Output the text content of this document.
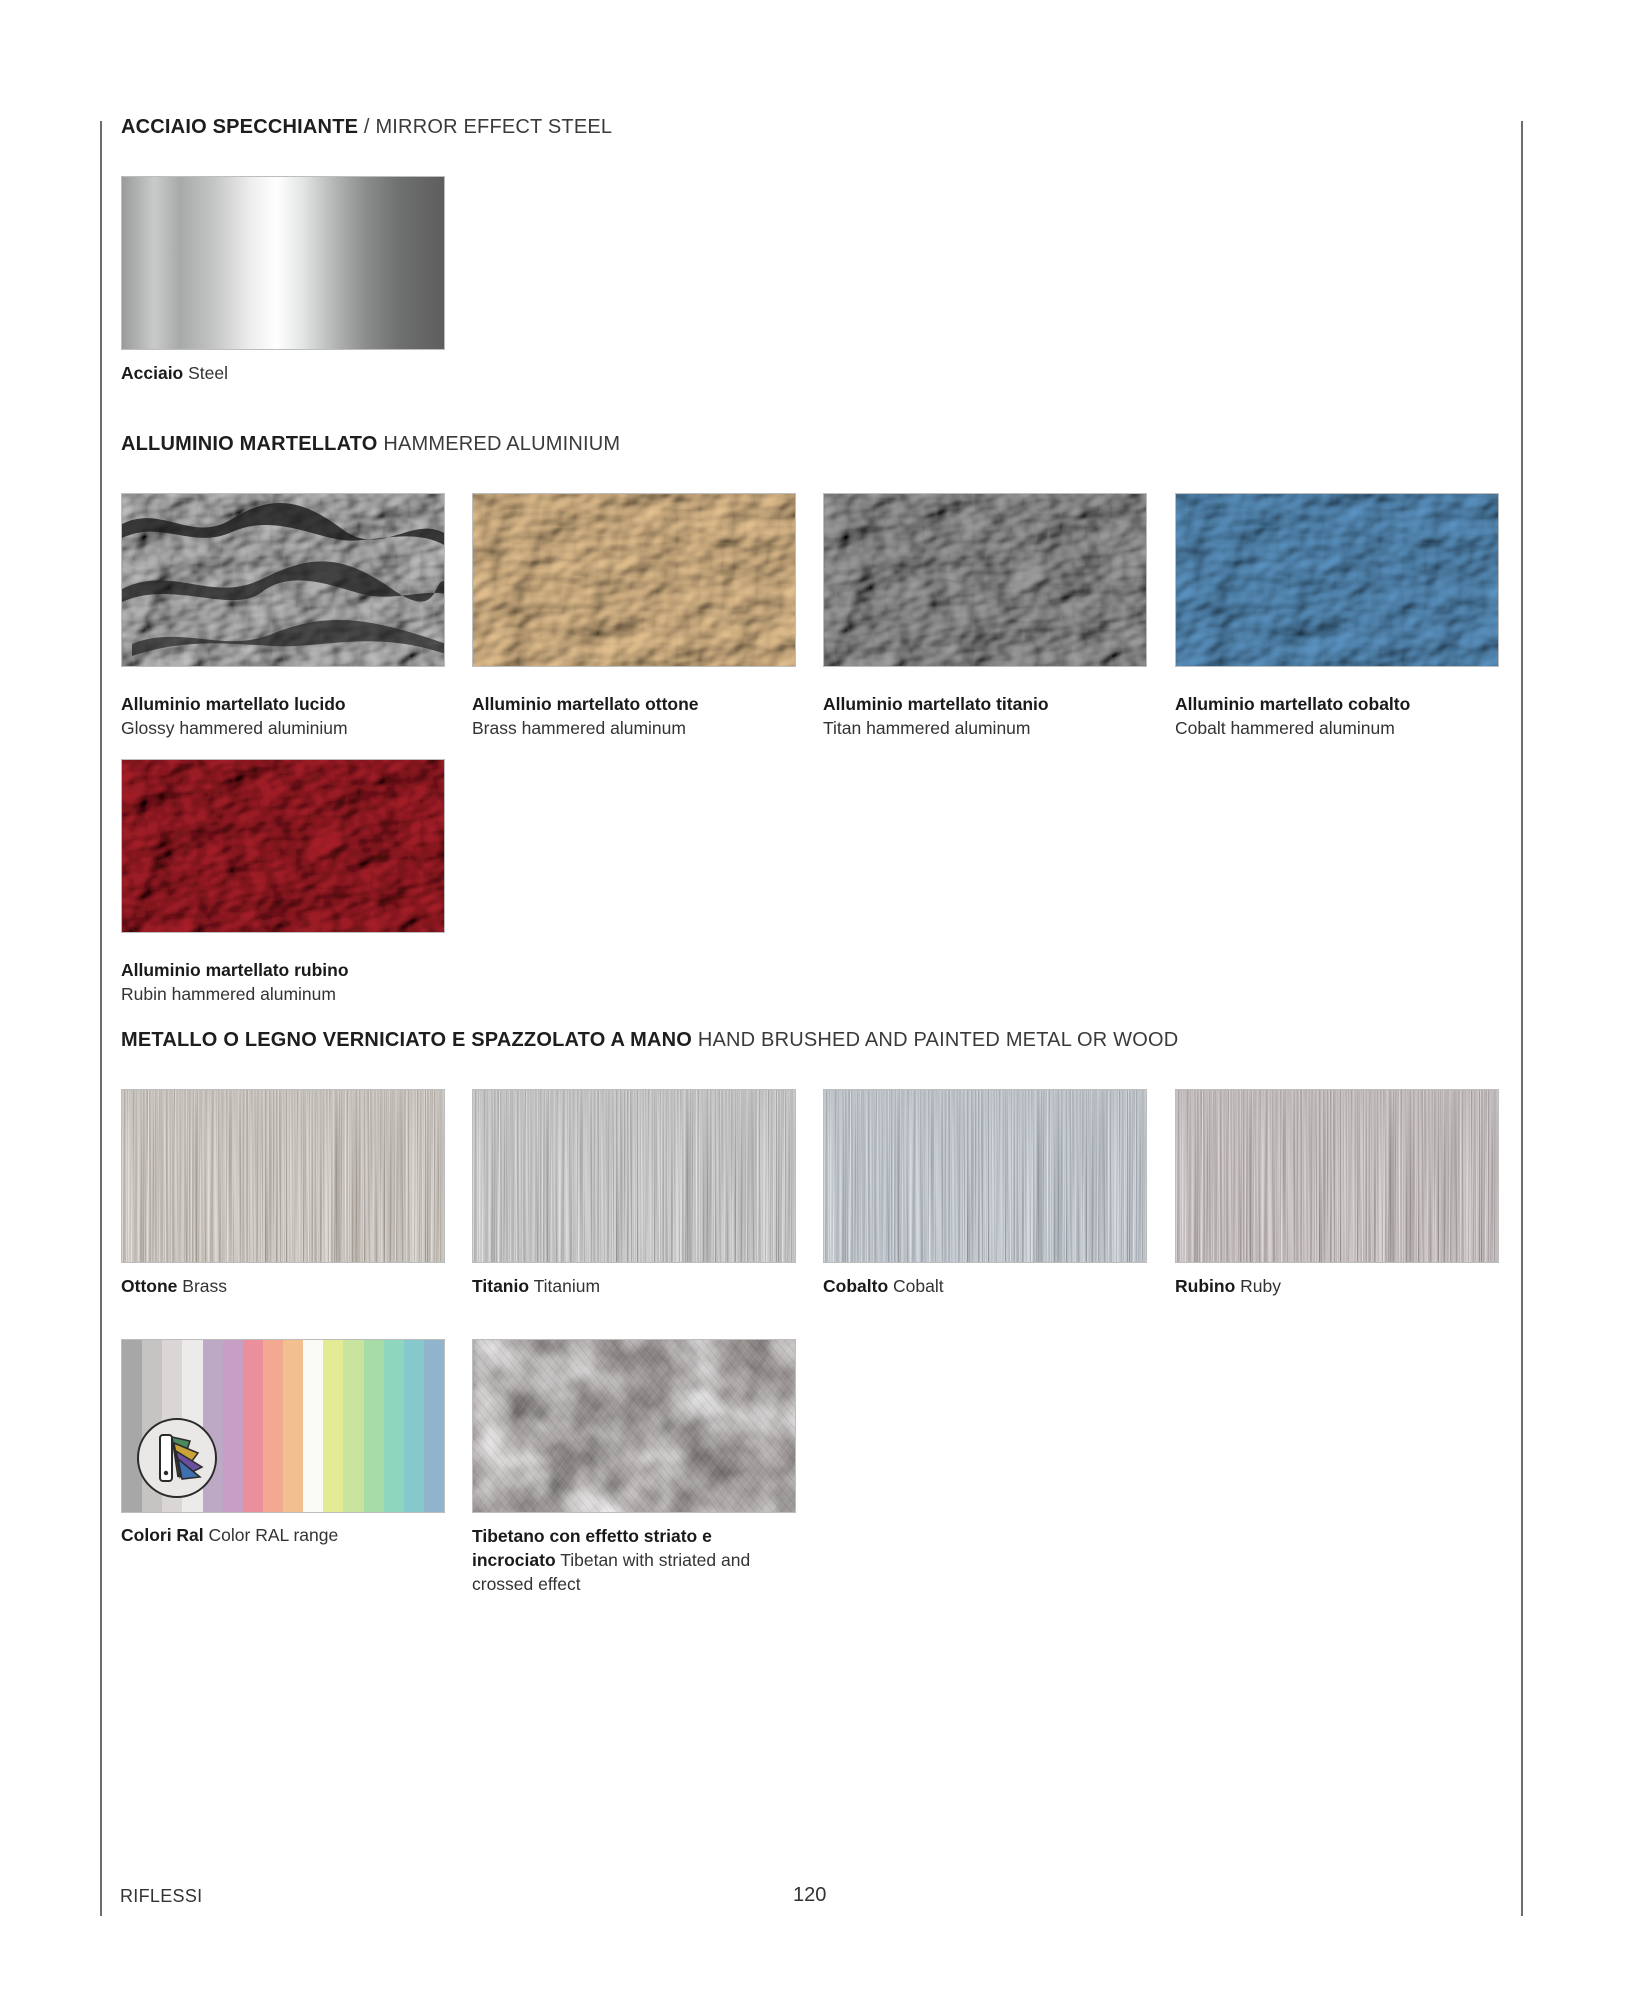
ACCIAIO SPECCHIANTE / MIRROR EFFECT STEEL
Acciaio Steel
ALLUMINIO MARTELLATO HAMMERED ALUMINIUM
Alluminio martellato lucido
Glossy hammered aluminium
Alluminio martellato ottone
Brass hammered aluminum
Alluminio martellato titanio
Titan hammered aluminum
Alluminio martellato cobalto
Cobalt hammered aluminum
Alluminio martellato rubino
Rubin hammered aluminum
METALLO O LEGNO VERNICIATO E SPAZZOLATO A MANO HAND BRUSHED AND PAINTED METAL OR WOOD
Ottone Brass	Titanio Titanium	Cobalto Cobalt	Rubino Ruby
Colori Ral Color RAL range	Tibetano con effetto striato e incrociato Tibetan with striated and crossed effect
RIFLESSI	120
